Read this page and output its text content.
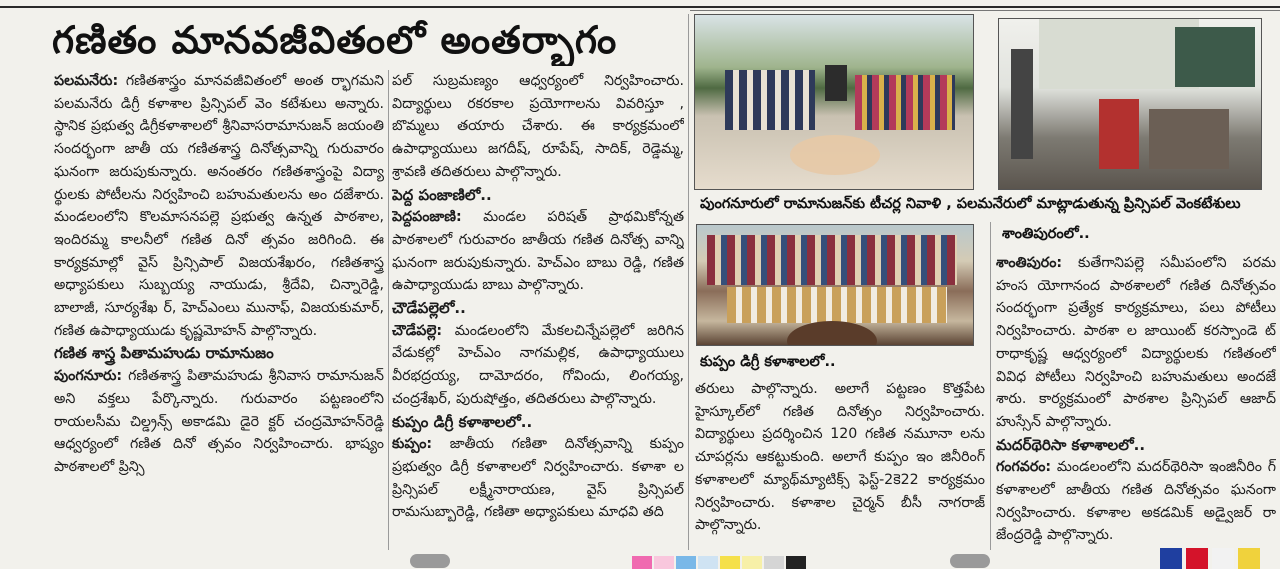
గణితం మానవజీవితంలో అంతర్భాగం

పలమనేరు: గణితశాస్త్రం మానవజీవితంలో అంత ర్భాగమని పలమనేరు డిగ్రీ కళాశాల ప్రిన్సిపల్ వెం కటేశులు అన్నారు. స్థానిక ప్రభుత్వ డిగ్రీకళాశాలలో శ్రీనివాసరామానుజన్ జయంతి సందర్భంగా జాతీ య గణితశాస్త్ర దినోత్సవాన్ని గురువారం ఘనంగా జరుపుకున్నారు. అనంతరం గణితశాస్త్రంపై విద్యా ర్థులకు పోటీలను నిర్వహించి బహుమతులను అం దజేశారు. మండలంలోని కొలమాసనపల్లె ప్రభుత్వ ఉన్నత పాఠశాల, ఇందిరమ్మ కాలనీలో గణిత దినో త్సవం జరిగింది. ఈ కార్యక్రమాల్లో వైస్ ప్రిన్సిపాల్ విజయశేఖరం, గణితశాస్త్ర అధ్యాపకులు సుబ్బయ్య నాయుడు, శ్రీదేవి, చిన్నారెడ్డి, బాలాజీ, సూర్యశేఖ ర్, హెచ్ఎంలు మునాఫ్, విజయకుమార్, గణిత ఉపాధ్యాయుడు కృష్ణమోహన్ పాల్గొన్నారు.

గణిత శాస్త్ర పితామహుడు రామానుజం

పుంగనూరు: గణితశాస్త్ర పితామహుడు శ్రీనివాస రామానుజన్ అని వక్తలు పేర్కొన్నారు. గురువారం పట్టణంలోని రాయలసీమ చిల్డ్రన్స్ అకాడమి డైరె క్టర్ చంద్రమోహన్‌రెడ్డి ఆధ్వర్యంలో గణిత దినో త్సవం నిర్వహించారు. భాష్యం పాఠశాలలో ప్రిన్సి

పల్ సుబ్రమణ్యం ఆధ్వర్యంలో నిర్వహించారు. విద్యార్థులు రకరకాల ప్రయోగాలను వివరిస్తూ , బొమ్మలు తయారు చేశారు. ఈ కార్యక్రమంలో ఉపాధ్యాయులు జగదీష్, రూపేష్, సాదిక్, రెడ్డెమ్మ, శ్రావణి తదితరులు పాల్గొన్నారు.

పెద్ద పంజాణిలో..

పెద్దపంజాణి: మండల పరిషత్ ప్రాథమికోన్నత పాఠశాలలో గురువారం జాతీయ గణిత దినోత్స వాన్ని ఘనంగా జరుపుకున్నారు. హెచ్ఎం బాబు రెడ్డి, గణిత ఉపాధ్యాయుడు బాబు పాల్గొన్నారు.

చౌడేపల్లెలో..

చౌడేపల్లె: మండలంలోని మేకలచిన్నేపల్లెలో జరిగిన వేడుకల్లో హెచ్ఎం నాగమల్లిక, ఉపాధ్యాయులు వీరభద్రయ్య, దామోదరం, గోవిందు, లింగయ్య, చంద్రశేఖర్, పురుషోత్తం, తదితరులు పాల్గొన్నారు.

కుప్పం డిగ్రీ కళాశాలలో..

కుప్పం: జాతీయ గణితా దినోత్సవాన్ని కుప్పం ప్రభుత్వం డిగ్రీ కళాశాలలో నిర్వహించారు. కళాశా ల ప్రిన్సిపల్ లక్ష్మీనారాయణ, వైస్ ప్రిన్సిపల్ రామసుబ్బారెడ్డి, గణితా అధ్యాపకులు మాధవి తది

పుంగనూరులో రామానుజన్‌కు టీచర్ల నివాళి , పలమనేరులో మాట్లాడుతున్న ప్రిన్సిపల్ వెంకటేశులు
కుప్పం డిగ్రీ కళాశాలలో..

తరులు పాల్గొన్నారు. అలాగే పట్టణం కొత్తపేట హైస్కూల్‌లో గణిత దినోత్సం నిర్వహించారు. విద్యార్థులు ప్రదర్శించిన 120 గణిత నమూనా లను చూపర్లను ఆకట్టుకుంది. అలాగే కుప్పం ఇం జినీరింగ్ కళాశాలలో మ్యాథ్‌మ్యాటిక్స్ ఫెస్ట్-2కె22 కార్యక్రమం నిర్వహించారు. కళాశాల చైర్మన్ బీసీ నాగరాజ్ పాల్గొన్నారు.

శాంతిపురంలో..

శాంతిపురం: కుతేగానిపల్లె సమీపంలోని పరమ హంస యోగానంద పాఠశాలలో గణిత దినోత్సవం సందర్భంగా ప్రత్యేక కార్యక్రమాలు, పలు పోటీలు నిర్వహించారు. పాఠశా ల జాయింట్ కరస్పాండె ట్ రాధాకృష్ణ ఆధ్వర్యంలో విద్యార్థులకు గణితంలో వివిధ పోటీలు నిర్వహించి బహుమతులు అందజే శారు. కార్యక్రమంలో పాఠశాల ప్రిన్సిపల్ ఆజాద్ హుస్సేన్ పాల్గొన్నారు.

మదర్‌థెరిసా కళాశాలలో..

గంగవరం: మండలంలోని మదర్‌థెరిసా ఇంజినీరిం గ్ కళాశాలలో జాతీయ గణిత దినోత్సవం ఘనంగా నిర్వహించారు. కళాశాల అకడమిక్ అడ్వైజర్ రా జేంద్రరెడ్డి పాల్గొన్నారు.
